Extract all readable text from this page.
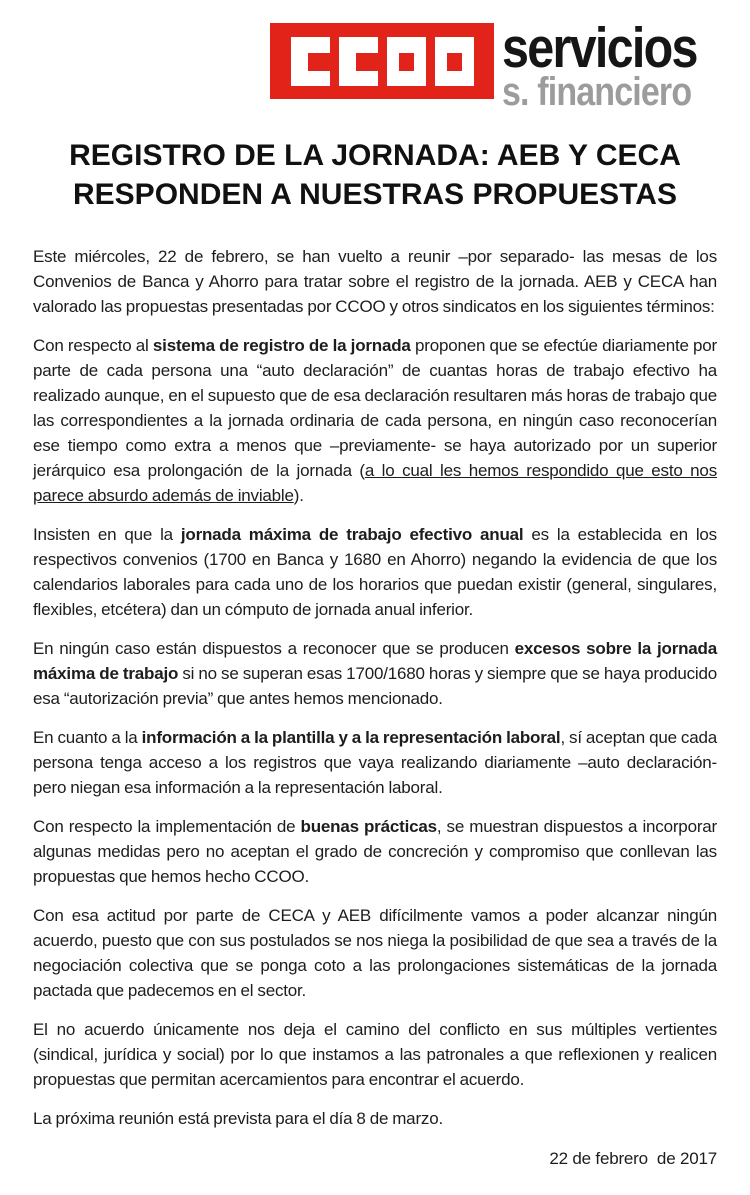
servicios
s. financiero
REGISTRO DE LA JORNADA: AEB Y CECA
RESPONDEN A NUESTRAS PROPUESTAS

Este miércoles, 22 de febrero, se han vuelto a reunir –por separado- las mesas de los Convenios de Banca y Ahorro para tratar sobre el registro de la jornada. AEB y CECA han valorado las propuestas presentadas por CCOO y otros sindicatos en los siguientes términos:

Con respecto al sistema de registro de la jornada proponen que se efectúe diariamente por parte de cada persona una “auto declaración” de cuantas horas de trabajo efectivo ha realizado aunque, en el supuesto que de esa declaración resultaren más horas de trabajo que las correspondientes a la jornada ordinaria de cada persona, en ningún caso reconocerían ese tiempo como extra a menos que –previamente- se haya autorizado por un superior jerárquico esa prolongación de la jornada (a lo cual les hemos respondido que esto nos parece absurdo además de inviable).

Insisten en que la jornada máxima de trabajo efectivo anual es la establecida en los respectivos convenios (1700 en Banca y 1680 en Ahorro) negando la evidencia de que los calendarios laborales para cada uno de los horarios que puedan existir (general, singulares, flexibles, etcétera) dan un cómputo de jornada anual inferior.

En ningún caso están dispuestos a reconocer que se producen excesos sobre la jornada máxima de trabajo si no se superan esas 1700/1680 horas y siempre que se haya producido esa “autorización previa” que antes hemos mencionado.

En cuanto a la información a la plantilla y a la representación laboral, sí aceptan que cada persona tenga acceso a los registros que vaya realizando diariamente –auto declaración- pero niegan esa información a la representación laboral.

Con respecto la implementación de buenas prácticas, se muestran dispuestos a incorporar algunas medidas pero no aceptan el grado de concreción y compromiso que conllevan las propuestas que hemos hecho CCOO.

Con esa actitud por parte de CECA y AEB difícilmente vamos a poder alcanzar ningún acuerdo, puesto que con sus postulados se nos niega la posibilidad de que sea a través de la negociación colectiva que se ponga coto a las prolongaciones sistemáticas de la jornada pactada que padecemos en el sector.

El no acuerdo únicamente nos deja el camino del conflicto en sus múltiples vertientes (sindical, jurídica y social) por lo que instamos a las patronales a que reflexionen y realicen propuestas que permitan acercamientos para encontrar el acuerdo.

La próxima reunión está prevista para el día 8 de marzo.

22 de febrero  de 2017
